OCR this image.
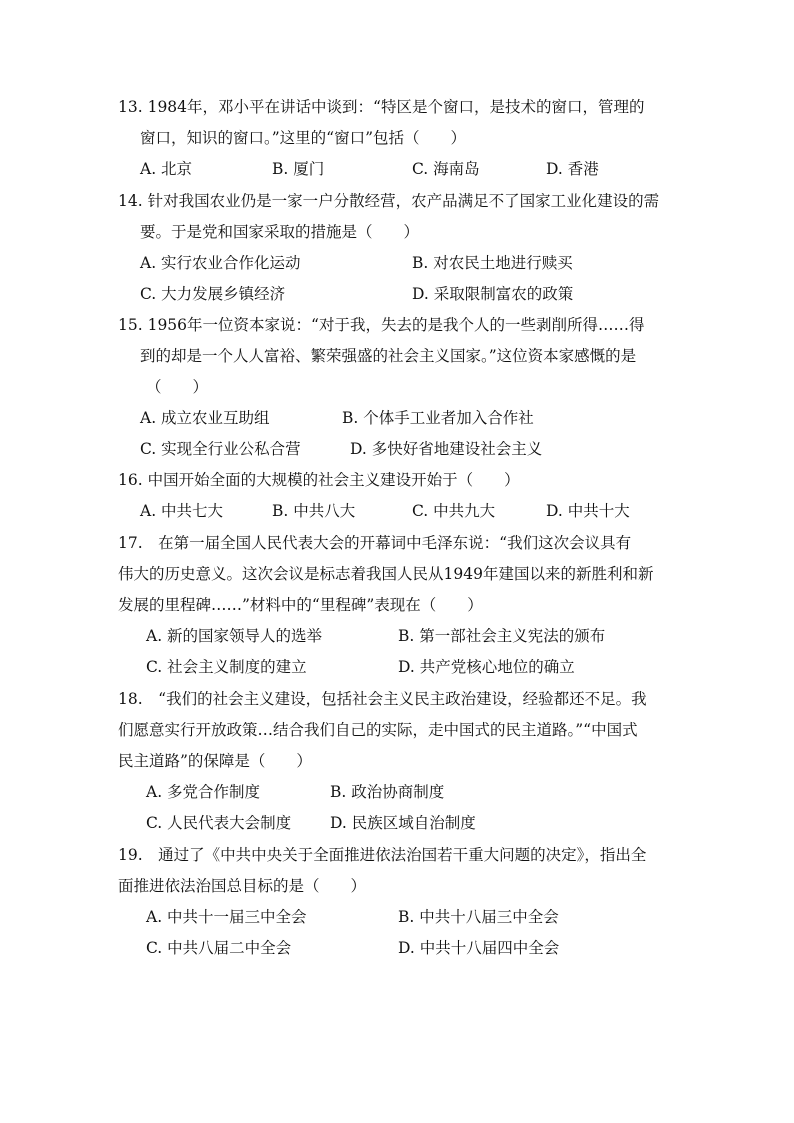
13. 1984年，邓小平在讲话中谈到：“特区是个窗口，是技术的窗口，管理的
窗口，知识的窗口。”这里的“窗口”包括（　　）
A. 北京	B. 厦门	C. 海南岛	D. 香港
14. 针对我国农业仍是一家一户分散经营，农产品满足不了国家工业化建设的需
要。于是党和国家采取的措施是（　　）
A. 实行农业合作化运动	B. 对农民土地进行赎买
C. 大力发展乡镇经济	D. 采取限制富农的政策
15. 1956年一位资本家说：“对于我，失去的是我个人的一些剥削所得……得
到的却是一个人人富裕、繁荣强盛的社会主义国家。”这位资本家感慨的是
（　　）
A. 成立农业互助组	B. 个体手工业者加入合作社
C. 实现全行业公私合营	D. 多快好省地建设社会主义
16. 中国开始全面的大规模的社会主义建设开始于（　　）
A. 中共七大	B. 中共八大	C. 中共九大	D. 中共十大
17.　在第一届全国人民代表大会的开幕词中毛泽东说：“我们这次会议具有
伟大的历史意义。这次会议是标志着我国人民从1949年建国以来的新胜利和新
发展的里程碑……”材料中的“里程碑”表现在（　　）
A. 新的国家领导人的选举	B. 第一部社会主义宪法的颁布
C. 社会主义制度的建立	D. 共产党核心地位的确立
18.　“我们的社会主义建设，包括社会主义民主政治建设，经验都还不足。我
们愿意实行开放政策…结合我们自己的实际，走中国式的民主道路。”“中国式
民主道路”的保障是（　　）
A. 多党合作制度	B. 政治协商制度
C. 人民代表大会制度	D. 民族区域自治制度
19.　通过了《中共中央关于全面推进依法治国若干重大问题的决定》，指出全
面推进依法治国总目标的是（　　）
A. 中共十一届三中全会	B. 中共十八届三中全会
C. 中共八届二中全会	D. 中共十八届四中全会
